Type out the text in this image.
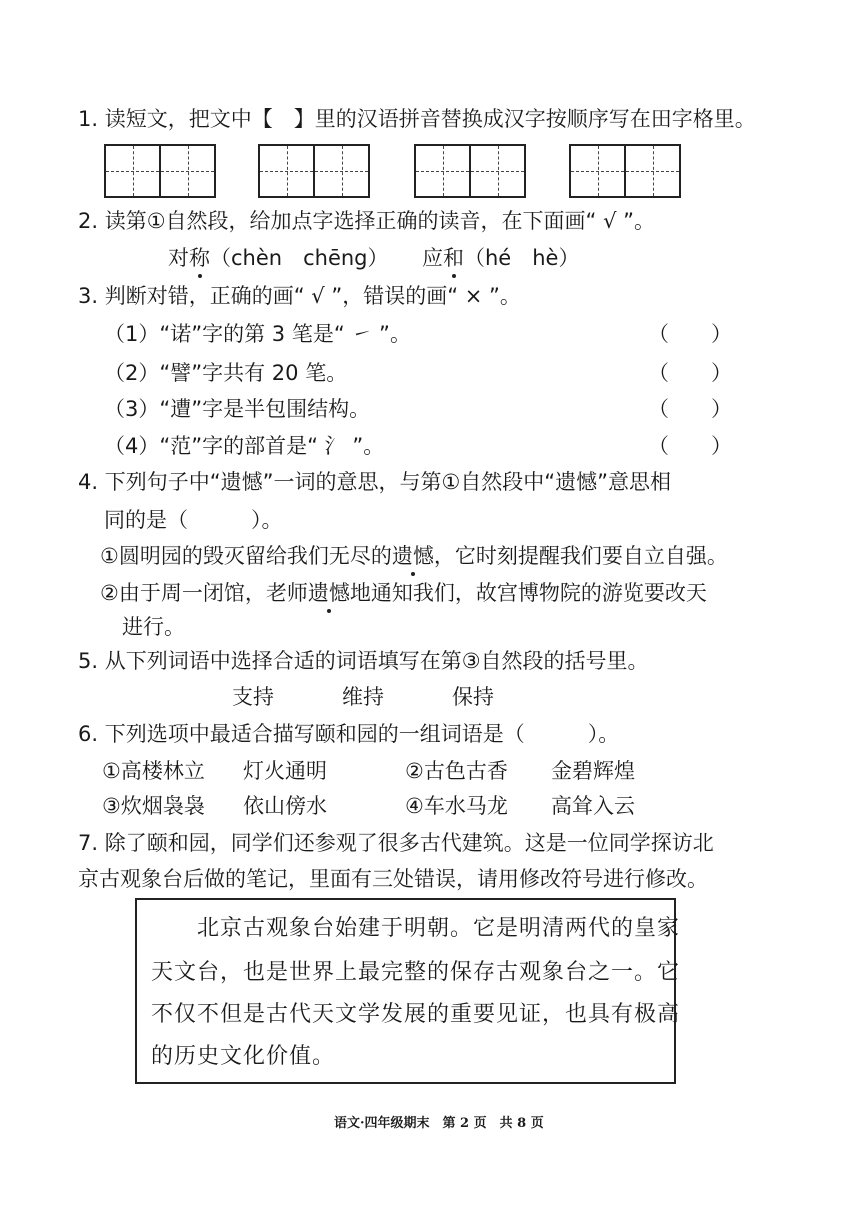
1. 读短文，把文中【　】里的汉语拼音替换成汉字按顺序写在田字格里。
2. 读第①自然段，给加点字选择正确的读音，在下面画“ √ ”。
对称（chèn　chēng） 应和（hé　hè）
3. 判断对错，正确的画“ √ ”，错误的画“ × ”。
（1）“诺”字的第 3 笔是“ ㇀ ”。	（　　）
（2）“譬”字共有 20 笔。	（　　）
（3）“遭”字是半包围结构。	（　　）
（4）“范”字的部首是“ 氵 ”。	（　　）
4. 下列句子中“遗憾”一词的意思，与第①自然段中“遗憾”意思相
同的是（　　　）。
①圆明园的毁灭留给我们无尽的遗憾，它时刻提醒我们要自立自强。
②由于周一闭馆，老师遗憾地通知我们，故宫博物院的游览要改天
进行。
5. 从下列词语中选择合适的词语填写在第③自然段的括号里。
支持	维持	保持
6. 下列选项中最适合描写颐和园的一组词语是（　　　）。
①高楼林立 灯火通明	②古色古香 金碧辉煌
③炊烟袅袅 依山傍水	④车水马龙 高耸入云
7. 除了颐和园，同学们还参观了很多古代建筑。这是一位同学探访北
京古观象台后做的笔记，里面有三处错误，请用修改符号进行修改。
　　北京古观象台始建于明朝。它是明清两代的皇家
天文台，也是世界上最完整的保存古观象台之一。它
不仅不但是古代天文学发展的重要见证，也具有极高
的历史文化价值。
语文·四年级期末　第 2 页　共 8 页
